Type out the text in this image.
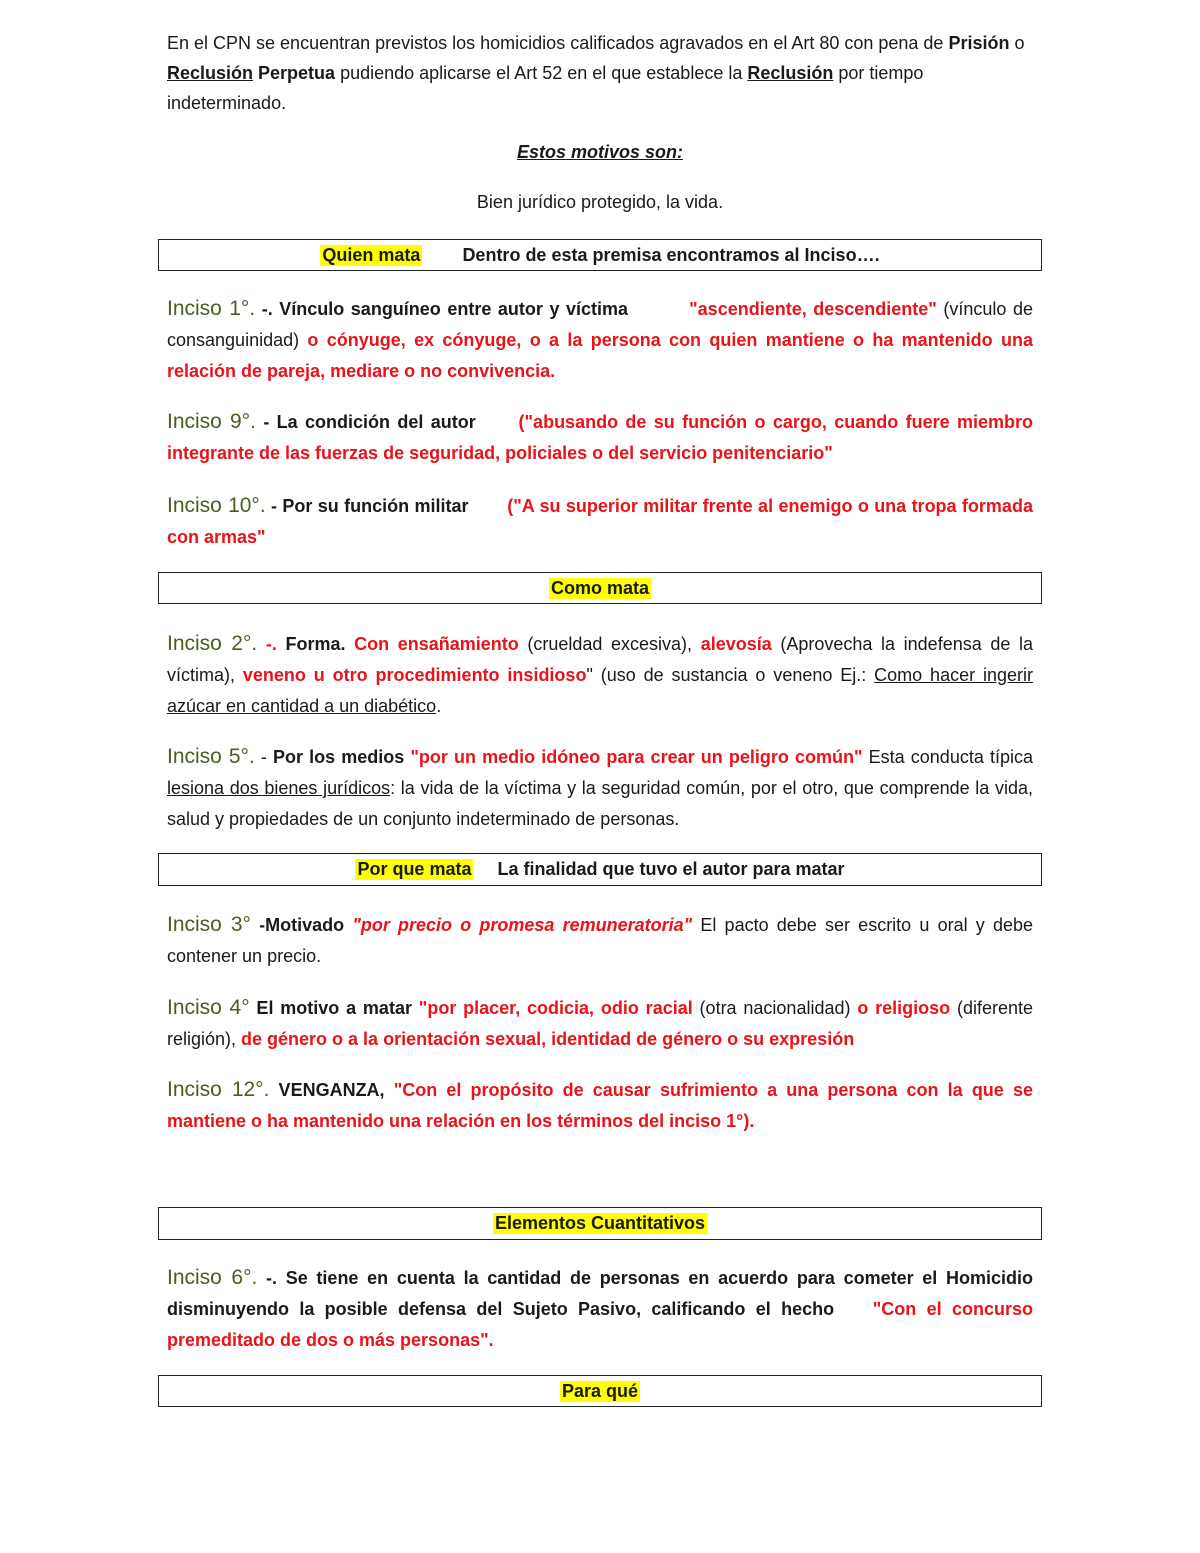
En el CPN se encuentran previstos los homicidios calificados agravados en el Art 80 con pena de Prisión o Reclusión Perpetua pudiendo aplicarse el Art 52 en el que establece la Reclusión por tiempo indeterminado.

Estos motivos son:
Bien jurídico protegido, la vida.
Quien mata Dentro de esta premisa encontramos al Inciso….

Inciso 1°. -. Vínculo sanguíneo entre autor y víctima	"ascendiente, descendiente" (vínculo de consanguinidad) o cónyuge, ex cónyuge, o a la persona con quien mantiene o ha mantenido una relación de pareja, mediare o no convivencia.

Inciso 9°. - La condición del autor ("abusando de su función o cargo, cuando fuere miembro integrante de las fuerzas de seguridad, policiales o del servicio penitenciario"

Inciso 10°. - Por su función militar ("A su superior militar frente al enemigo o una tropa formada con armas"

Como mata

Inciso 2°. -. Forma. Con ensañamiento (crueldad excesiva), alevosía (Aprovecha la indefensa de la víctima), veneno u otro procedimiento insidioso" (uso de sustancia o veneno Ej.: Como hacer ingerir azúcar en cantidad a un diabético.

Inciso 5°. - Por los medios "por un medio idóneo para crear un peligro común" Esta conducta típica lesiona dos bienes jurídicos: la vida de la víctima y la seguridad común, por el otro, que comprende la vida, salud y propiedades de un conjunto indeterminado de personas.

Por que mata La finalidad que tuvo el autor para matar

Inciso 3° -Motivado "por precio o promesa remuneratoria" El pacto debe ser escrito u oral y debe contener un precio.

Inciso 4° El motivo a matar "por placer, codicia, odio racial (otra nacionalidad) o religioso (diferente religión), de género o a la orientación sexual, identidad de género o su expresión

Inciso 12°. VENGANZA, "Con el propósito de causar sufrimiento a una persona con la que se mantiene o ha mantenido una relación en los términos del inciso 1°).

Elementos Cuantitativos

Inciso 6°. -. Se tiene en cuenta la cantidad de personas en acuerdo para cometer el Homicidio disminuyendo la posible defensa del Sujeto Pasivo, calificando el hecho "Con el concurso premeditado de dos o más personas".

Para qué
